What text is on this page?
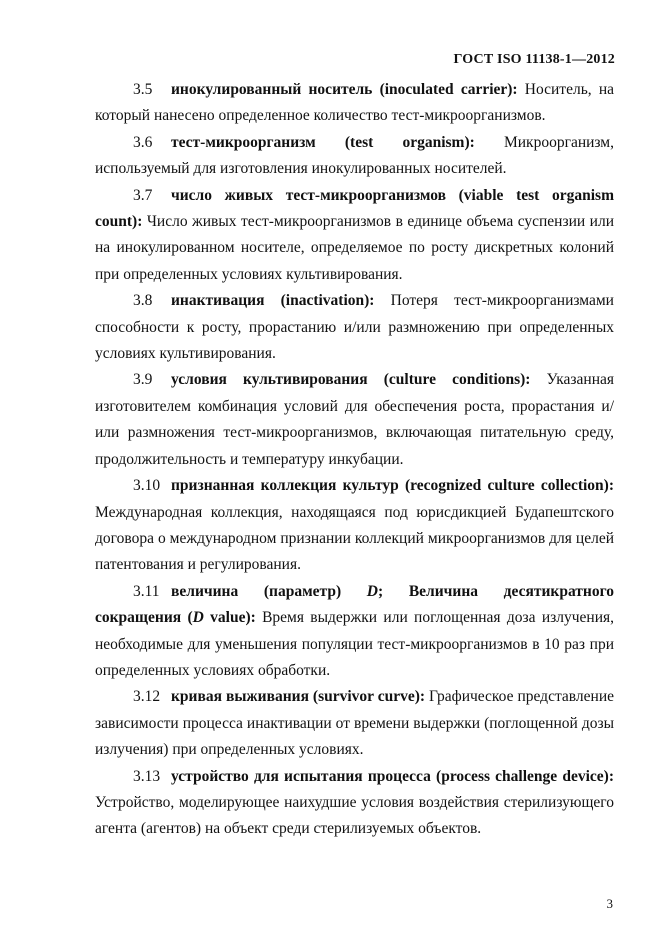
ГОСТ ISO 11138-1—2012

3.5 инокулированный носитель (inoculated carrier): Носитель, на который нанесено определенное количество тест-микроорганизмов.

3.6 тест-микроорганизм (test organism): Микроорганизм, используемый для изготовления инокулированных носителей.

3.7 число живых тест-микроорганизмов (viable test organism count): Число живых тест-микроорганизмов в единице объема суспензии или на инокулированном носителе, определяемое по росту дискретных колоний при определенных условиях культивирования.

3.8 инактивация (inactivation): Потеря тест-микроорганизмами способности к росту, прорастанию и/или размножению при определенных условиях культивирования.

3.9 условия культивирования (culture conditions): Указанная изготовителем комбинация условий для обеспечения роста, прорастания и/или размножения тест-микроорганизмов, включающая питательную среду, продолжительность и температуру инкубации.

3.10 признанная коллекция культур (recognized culture collection): Международная коллекция, находящаяся под юрисдикцией Будапештского договора о международном признании коллекций микроорганизмов для целей патентования и регулирования.

3.11 величина (параметр) D; Величина десятикратного сокращения (D value): Время выдержки или поглощенная доза излучения, необходимые для уменьшения популяции тест-микроорганизмов в 10 раз при определенных условиях обработки.

3.12 кривая выживания (survivor curve): Графическое представление зависимости процесса инактивации от времени выдержки (поглощенной дозы излучения) при определенных условиях.

3.13 устройство для испытания процесса (process challenge device): Устройство, моделирующее наихудшие условия воздействия стерилизующего агента (агентов) на объект среди стерилизуемых объектов.

3
